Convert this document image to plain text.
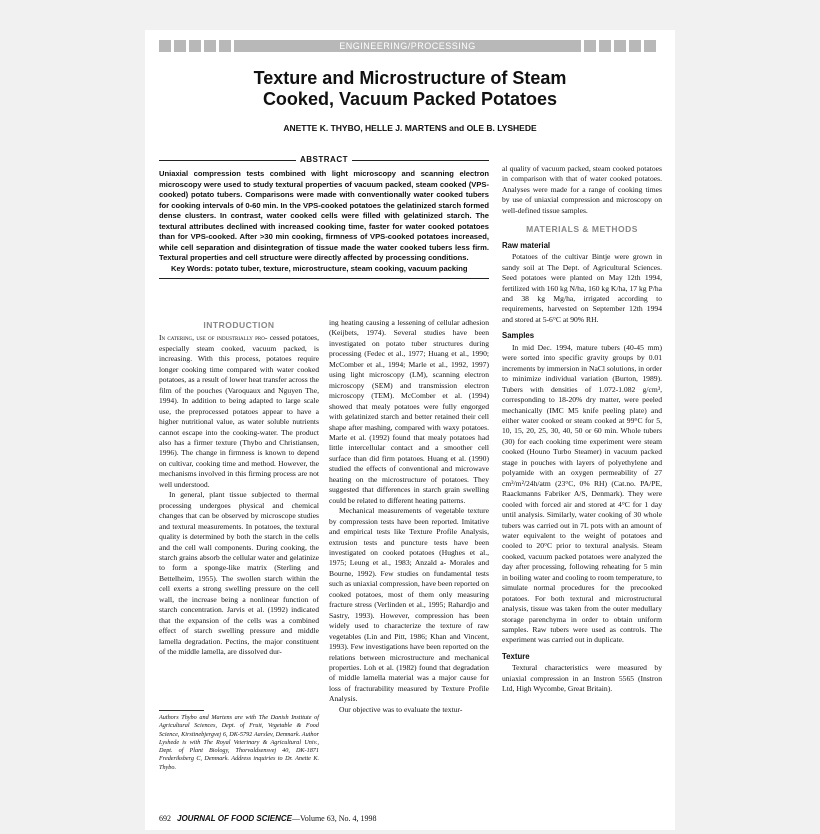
ENGINEERING/PROCESSING
Texture and Microstructure of Steam
Cooked, Vacuum Packed Potatoes
ANETTE K. THYBO, HELLE J. MARTENS and OLE B. LYSHEDE
ABSTRACT
Uniaxial compression tests combined with light microscopy and scanning electron microscopy were used to study textural properties of vacuum packed, steam cooked (VPS-cooked) potato tubers. Comparisons were made with conventionally water cooked tubers for cooking intervals of 0-60 min. In the VPS-cooked potatoes the gelatinized starch formed dense clusters. In contrast, water cooked cells were filled with gelatinized starch. The textural attributes declined with increased cooking time, faster for water cooked potatoes than for VPS-cooked. After >30 min cooking, firmness of VPS-cooked potatoes increased, while cell separation and disintegration of tissue made the water cooked tubers less firm. Textural properties and cell structure were directly affected by processing conditions.
Key Words: potato tuber, texture, microstructure, steam cooking, vacuum packing
INTRODUCTION

In catering, use of industrially pro- cessed potatoes, especially steam cooked, vacuum packed, is increasing. With this process, potatoes require longer cooking time compared with water cooked potatoes, as a result of lower heat transfer across the film of the pouches (Varoquaux and Nguyen The, 1994). In addition to being adapted to large scale use, the preprocessed potatoes appear to have a higher nutritional value, as water soluble nutrients cannot escape into the cooking-water. The product also has a firmer texture (Thybo and Christiansen, 1996). The change in firmness is known to depend on cultivar, cooking time and method. However, the mechanisms involved in this firming process are not well understood.

In general, plant tissue subjected to thermal processing undergoes physical and chemical changes that can be observed by microscope studies and textural measurements. In potatoes, the textural quality is determined by both the starch in the cells and the cell wall components. During cooking, the starch grains absorb the cellular water and gelatinize to form a sponge-like matrix (Sterling and Bettelheim, 1955). The swollen starch within the cell exerts a strong swelling pressure on the cell wall, the increase being a nonlinear function of starch concentration. Jarvis et al. (1992) indicated that the expansion of the cells was a combined effect of starch swelling pressure and middle lamella degradation. Pectins, the major constituent of the middle lamella, are dissolved dur-

Authors Thybo and Martens are with The Danish Institute of Agricultural Sciences, Dept. of Fruit, Vegetable & Food Science, Kirstinebjergvej 6, DK-5792 Aarslev, Denmark. Author Lyshede is with The Royal Veterinary & Agricultural Univ., Dept. of Plant Biology, Thorvaldsensvej 40, DK-1871 Frederiksberg C, Denmark. Address inquiries to Dr. Anette K. Thybo.

ing heating causing a lessening of cellular adhesion (Keijbets, 1974). Several studies have been investigated on potato tuber structures during processing (Fedec et al., 1977; Huang et al., 1990; McComber et al., 1994; Marle et al., 1992, 1997) using light microscopy (LM), scanning electron microscopy (SEM) and transmission electron microscopy (TEM). McComber et al. (1994) showed that mealy potatoes were fully engorged with gelatinized starch and better retained their cell shape after mashing, compared with waxy potatoes. Marle et al. (1992) found that mealy potatoes had little intercellular contact and a smoother cell surface than did firm potatoes. Huang et al. (1990) studied the effects of conventional and microwave heating on the microstructure of potatoes. They suggested that differences in starch grain swelling could be related to different heating patterns.

Mechanical measurements of vegetable texture by compression tests have been reported. Imitative and empirical tests like Texture Profile Analysis, extrusion tests and puncture tests have been investigated on cooked potatoes (Hughes et al., 1975; Leung et al., 1983; Anzald a- Morales and Bourne, 1992). Few studies on fundamental tests such as uniaxial compression, have been reported on cooked potatoes, most of them only measuring fracture stress (Verlinden et al., 1995; Rahardjo and Sastry, 1993). However, compression has been widely used to characterize the texture of raw vegetables (Lin and Pitt, 1986; Khan and Vincent, 1993). Few investigations have been reported on the relations between microstructure and mechanical properties. Loh et al. (1982) found that degradation of middle lamella material was a major cause for loss of fracturability measured by Texture Profile Analysis.

Our objective was to evaluate the textur-

al quality of vacuum packed, steam cooked potatoes in comparison with that of water cooked potatoes. Analyses were made for a range of cooking times by use of uniaxial compression and microscopy on well-defined tissue samples.

MATERIALS & METHODS
Raw material

Potatoes of the cultivar Bintje were grown in sandy soil at The Dept. of Agricultural Sciences. Seed potatoes were planted on May 12th 1994, fertilized with 160 kg N/ha, 160 kg K/ha, 17 kg P/ha and 38 kg Mg/ha, irrigated according to requirements, harvested on September 12th 1994 and stored at 5-6°C at 90% RH.

Samples

In mid Dec. 1994, mature tubers (40-45 mm) were sorted into specific gravity groups by 0.01 increments by immersion in NaCl solutions, in order to minimize individual variation (Burton, 1989). Tubers with densities of 1.072-1.082 g/cm³, corresponding to 18-20% dry matter, were peeled mechanically (IMC M5 knife peeling plate) and either water cooked or steam cooked at 99°C for 5, 10, 15, 20, 25, 30, 40, 50 or 60 min. Whole tubers (30) for each cooking time experiment were steam cooked (Houno Turbo Steamer) in vacuum packed stage in pouches with layers of polyethylene and polyamide with an oxygen permeability of 27 cm³/m²/24h/atm (23°C, 0% RH) (Cat.no. PA/PE, Raackmanns Fabriker A/S, Denmark). They were cooled with forced air and stored at 4°C for 1 day until analysis. Similarly, water cooking of 30 whole tubers was carried out in 7L pots with an amount of water equivalent to the weight of potatoes and cooled to 20°C prior to textural analysis. Steam cooked, vacuum packed potatoes were analyzed the day after processing, following reheating for 5 min in boiling water and cooling to room temperature, to simulate normal procedures for the precooked potatoes. For both textural and microstructural analysis, tissue was taken from the outer medullary storage parenchyma in order to obtain uniform samples. Raw tubers were used as controls. The experiment was carried out in duplicate.

Texture

Textural characteristics were measured by uniaxial compression in an Instron 5565 (Instron Ltd, High Wycombe, Great Britain).

692 JOURNAL OF FOOD SCIENCE—Volume 63, No. 4, 1998
